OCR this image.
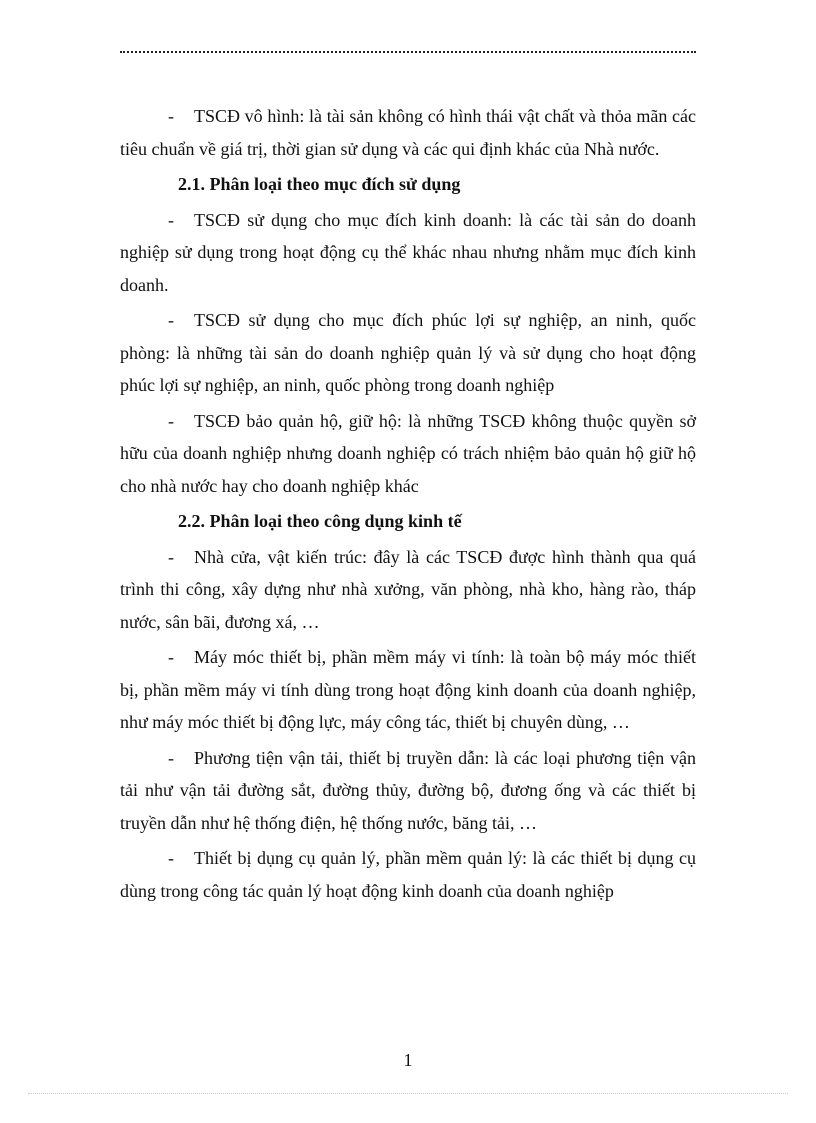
- TSCĐ vô hình: là tài sản không có hình thái vật chất và thỏa mãn các tiêu chuẩn về giá trị, thời gian sử dụng và các qui định khác của Nhà nước.
2.1. Phân loại theo mục đích sử dụng
- TSCĐ sử dụng cho mục đích kinh doanh: là các tài sản do doanh nghiệp sử dụng trong hoạt động cụ thể khác nhau nhưng nhằm mục đích kinh doanh.
- TSCĐ sử dụng cho mục đích phúc lợi sự nghiệp, an ninh, quốc phòng: là những tài sản do doanh nghiệp quản lý và sử dụng cho hoạt động phúc lợi sự nghiệp, an ninh, quốc phòng trong doanh nghiệp
- TSCĐ bảo quản hộ, giữ hộ: là những TSCĐ không thuộc quyền sở hữu của doanh nghiệp nhưng doanh nghiệp có trách nhiệm bảo quản hộ giữ hộ cho nhà nước hay cho doanh nghiệp khác
2.2. Phân loại theo công dụng kinh tế
- Nhà cửa, vật kiến trúc: đây là các TSCĐ được hình thành qua quá trình thi công, xây dựng như nhà xưởng, văn phòng, nhà kho, hàng rào, tháp nước, sân bãi, đương xá, …
- Máy móc thiết bị, phần mềm máy vi tính: là toàn bộ máy móc thiết bị, phần mềm máy vi tính dùng trong hoạt động kinh doanh của doanh nghiệp, như máy móc thiết bị động lực, máy công tác, thiết bị chuyên dùng, …
- Phương tiện vận tải, thiết bị truyền dẫn: là các loại phương tiện vận tải như vận tải đường sắt, đường thủy, đường bộ, đương ống và các thiết bị truyền dẫn như hệ thống điện, hệ thống nước, băng tải, …
- Thiết bị dụng cụ quản lý, phần mềm quản lý: là các thiết bị dụng cụ dùng trong công tác quản lý hoạt động kinh doanh của doanh nghiệp
1
